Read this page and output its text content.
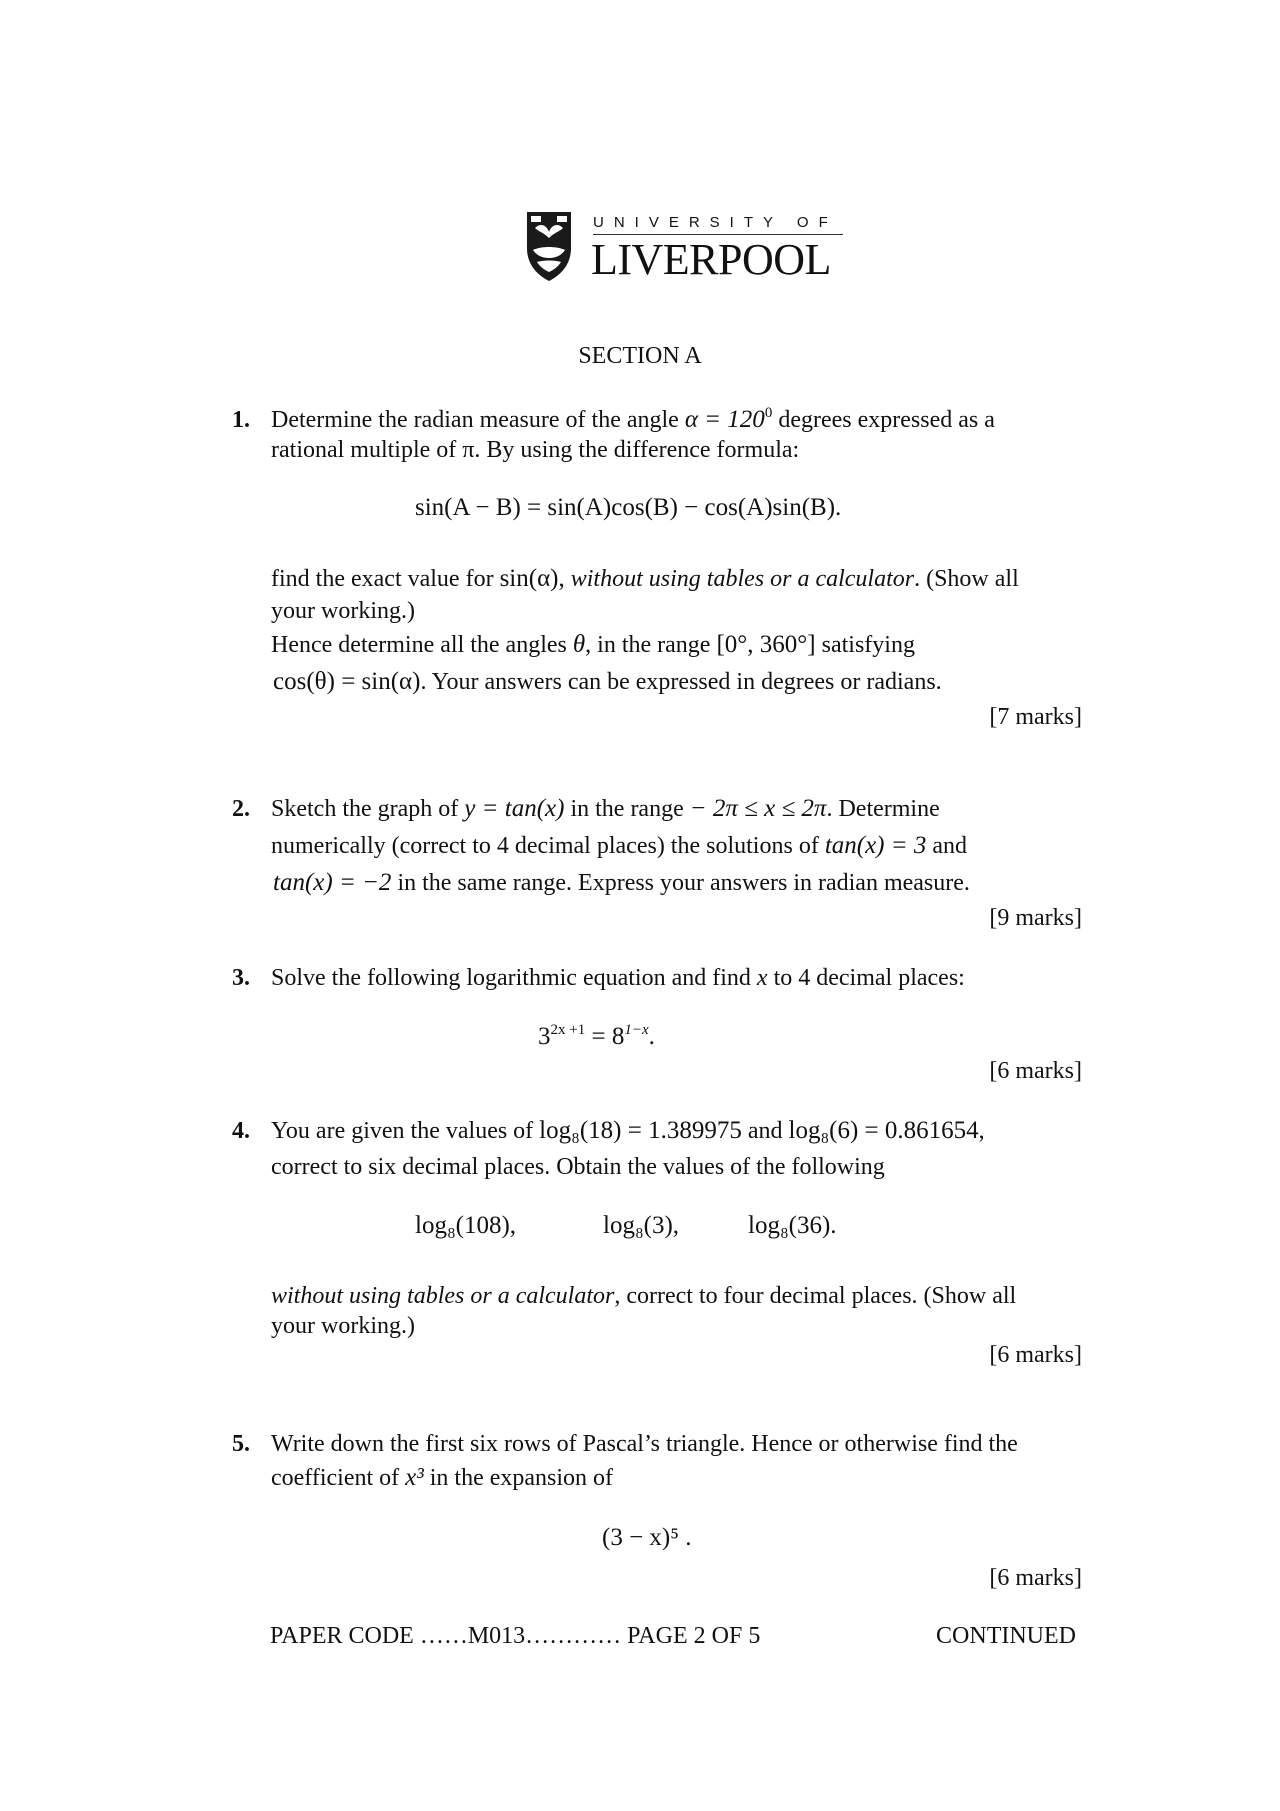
UNIVERSITY OF
LIVERPOOL
SECTION A
1. Determine the radian measure of the angle $\alpha = 120^0$ degrees expressed as a
rational multiple of π. By using the difference formula:
sin(A − B) = sin(A)cos(B) − cos(A)sin(B).
find the exact value for sin(α), without using tables or a calculator. (Show all
your working.)
Hence determine all the angles θ, in the range [0°, 360°] satisfying
cos(θ) = sin(α). Your answers can be expressed in degrees or radians.
[7 marks]
2. Sketch the graph of y = tan(x) in the range − 2π ≤ x ≤ 2π. Determine
numerically (correct to 4 decimal places) the solutions of tan(x) = 3 and
tan(x) = −2 in the same range. Express your answers in radian measure.
[9 marks]
3. Solve the following logarithmic equation and find x to 4 decimal places:
$3^{2x +1} = 8^{1-x}$.
[6 marks]
4. You are given the values of log₈(18) = 1.389975 and log₈(6) = 0.861654,
correct to six decimal places. Obtain the values of the following
log₈(108),	log₈(3),	log₈(36).
without using tables or a calculator, correct to four decimal places. (Show all
your working.)
[6 marks]
5. Write down the first six rows of Pascal’s triangle. Hence or otherwise find the
coefficient of x³ in the expansion of
(3 − x)⁵ .
[6 marks]
PAPER CODE ……M013………… PAGE 2 OF 5	CONTINUED
